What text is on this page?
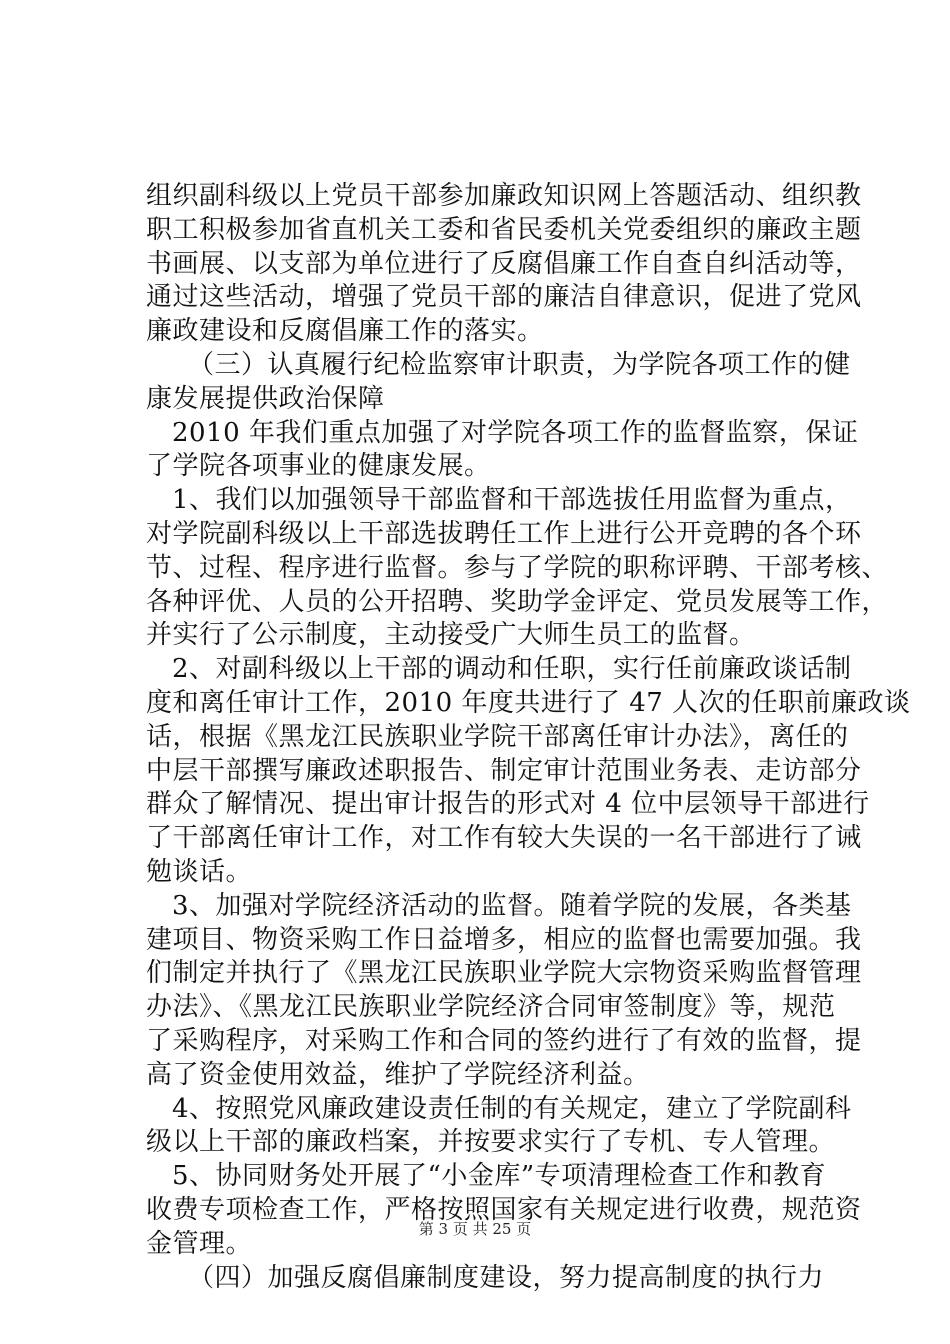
组织副科级以上党员干部参加廉政知识网上答题活动、组织教
职工积极参加省直机关工委和省民委机关党委组织的廉政主题
书画展、以支部为单位进行了反腐倡廉工作自查自纠活动等，
通过这些活动，增强了党员干部的廉洁自律意识，促进了党风
廉政建设和反腐倡廉工作的落实。
（三）认真履行纪检监察审计职责，为学院各项工作的健
康发展提供政治保障
2010 年我们重点加强了对学院各项工作的监督监察，保证
了学院各项事业的健康发展。
1、我们以加强领导干部监督和干部选拔任用监督为重点，
对学院副科级以上干部选拔聘任工作上进行公开竞聘的各个环
节、过程、程序进行监督。参与了学院的职称评聘、干部考核、
各种评优、人员的公开招聘、奖助学金评定、党员发展等工作，
并实行了公示制度，主动接受广大师生员工的监督。
2、对副科级以上干部的调动和任职，实行任前廉政谈话制
度和离任审计工作，2010 年度共进行了 47 人次的任职前廉政谈
话，根据《黑龙江民族职业学院干部离任审计办法》，离任的
中层干部撰写廉政述职报告、制定审计范围业务表、走访部分
群众了解情况、提出审计报告的形式对 4 位中层领导干部进行
了干部离任审计工作，对工作有较大失误的一名干部进行了诫
勉谈话。
3、加强对学院经济活动的监督。随着学院的发展，各类基
建项目、物资采购工作日益增多，相应的监督也需要加强。我
们制定并执行了《黑龙江民族职业学院大宗物资采购监督管理
办法》、《黑龙江民族职业学院经济合同审签制度》等，规范
了采购程序，对采购工作和合同的签约进行了有效的监督，提
高了资金使用效益，维护了学院经济利益。
4、按照党风廉政建设责任制的有关规定，建立了学院副科
级以上干部的廉政档案，并按要求实行了专机、专人管理。
5、协同财务处开展了“小金库”专项清理检查工作和教育
收费专项检查工作，严格按照国家有关规定进行收费，规范资
金管理。
（四）加强反腐倡廉制度建设，努力提高制度的执行力
第 3 页 共 25 页
